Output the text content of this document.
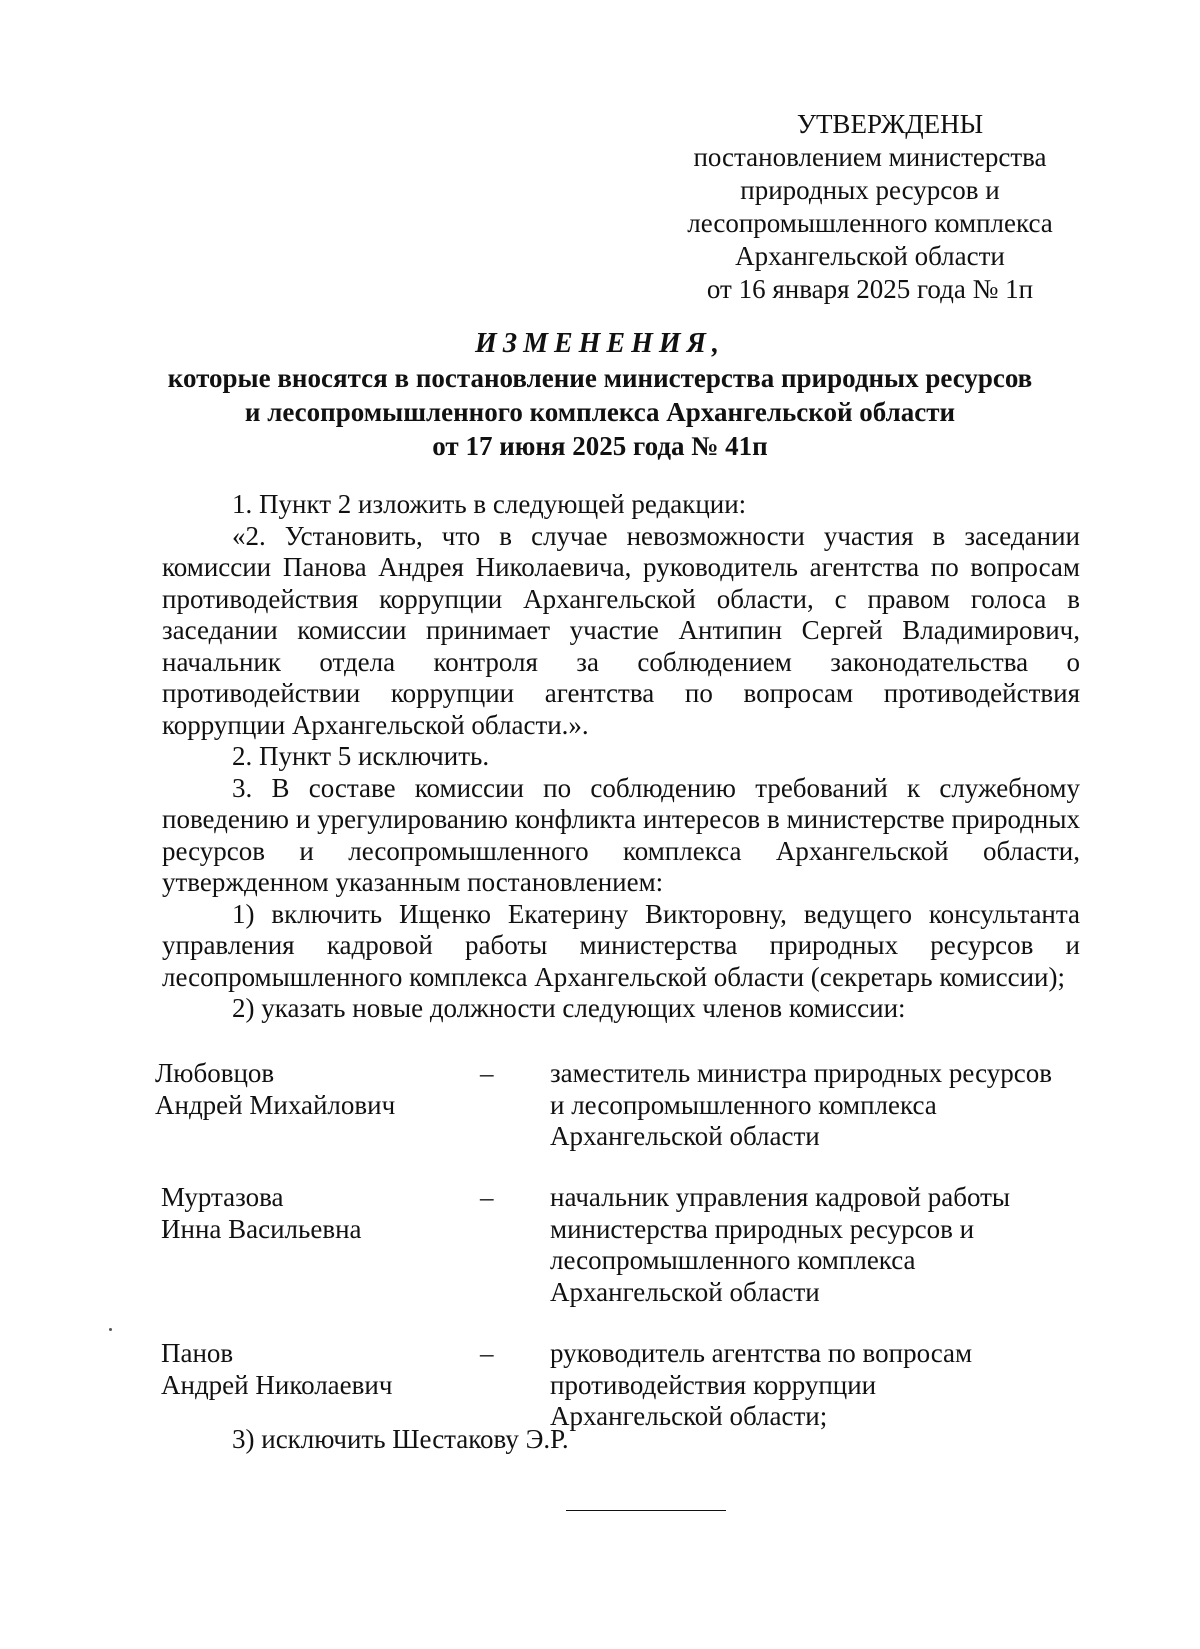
УТВЕРЖДЕНЫ
постановлением министерства
природных ресурсов и
лесопромышленного комплекса
Архангельской области
от 16 января 2025 года № 1п
ИЗМЕНЕНИЯ,
которые вносятся в постановление министерства природных ресурсов
и лесопромышленного комплекса Архангельской области
от 17 июня 2025 года № 41п

1. Пункт 2 изложить в следующей редакции:

«2. Установить, что в случае невозможности участия в заседании комиссии Панова Андрея Николаевича, руководитель агентства по вопросам противодействия коррупции Архангельской области, с правом голоса в заседании комиссии принимает участие Антипин Сергей Владимирович, начальник отдела контроля за соблюдением законодательства о противодействии коррупции агентства по вопросам противодействия коррупции Архангельской области.».

2. Пункт 5 исключить.

3. В составе комиссии по соблюдению требований к служебному поведению и урегулированию конфликта интересов в министерстве природных ресурсов и лесопромышленного комплекса Архангельской области, утвержденном указанным постановлением:

1) включить Ищенко Екатерину Викторовну, ведущего консультанта управления кадровой работы министерства природных ресурсов и лесопромышленного комплекса Архангельской области (секретарь комиссии);

2) указать новые должности следующих членов комиссии:

Любовцов
Андрей Михайлович
–	заместитель министра природных ресурсов
и лесопромышленного комплекса
Архангельской области
Муртазова
Инна Васильевна
–	начальник управления кадровой работы
министерства природных ресурсов и
лесопромышленного комплекса
Архангельской области
Панов
Андрей Николаевич
–	руководитель агентства по вопросам
противодействия коррупции
Архангельской области;
3) исключить Шестакову Э.Р.
